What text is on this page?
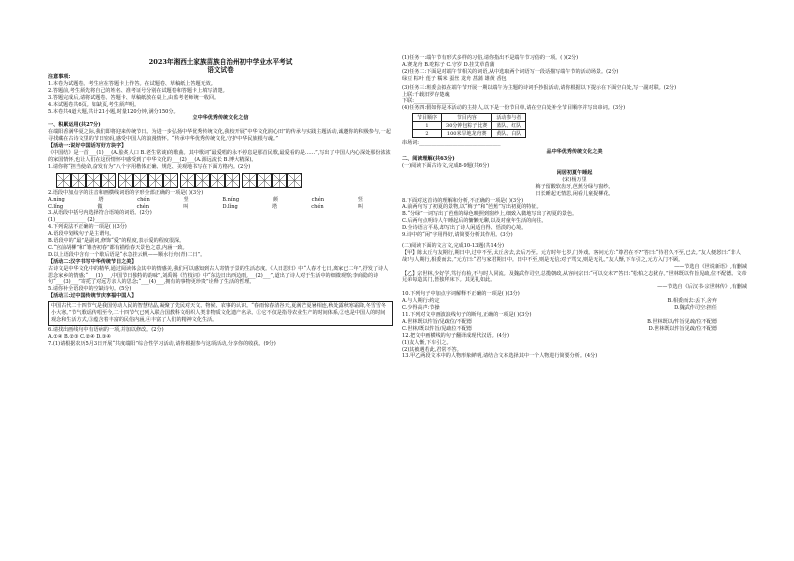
2023年湘西土家族苗族自治州初中学业水平考试

语文试卷

注意事项:

1.本卷为试题卷。考生应在答题卡上作答。在试题卷、草稿纸上答题无效。

2.答题前,考生须先将自己的姓名、准考证号分别在试题卷和答题卡上填写清楚。

3.答题完成后,请将试题卷、答题卡、草稿纸放在桌上,由监考老师统一收回。

4.本试题卷共6页。如缺页,考生须声明。

5.本卷共4道大题,共计21小题,时量120分钟,满分150分。

立中华优秀传统文化之信

一、积累运用(共27分)

在端阳香满华夏之际,我们即将迎来传统节日。为进一步弘扬中华优秀传统文化,我校开展“中华文化润心田”的传承与实践主题活动,诚邀你的积极参与,一起寻找藏在古诗文里的节日密码,感受中国人的浪漫情怀。“传承中华优秀传统文化,守护中华民族根与魂。”

【活动一:说好中国话写好方块字】

《中国结》是一首___(1)___(A.脍炙人口 B.老生常谈)的歌曲。其中歌词“最爱唱的永不停息是那首民歌,最爱看的是……”,写出了中国人内心深处那份浓浓的家国情怀,也让人们在这份情怀中感受到了中华文化的___(2)___(A.源远流长 B.博大精深)。

1.请你将“担当使命,奋发有为”八个字用楷体正确、规范、美观地书写在下面方格内。(2分)

2.语段中加点字的注音和画横线词语的字形全部正确的一项是( )(3分)

A.níng	塔	chén	竖	B.níng	颜	chén	竖
C.lǐng	做	chén	叫	D.lǐng	塔	chén	叫

3.从语段中括号内选择符合语境的词语。(2分)

(1)____________ (2)____________

4.下列说法不正确的一项是( )(3分)

A.语段中划线句子是主谓句。

B.语段中的“最”是副词,修饰“爱”的程度,表示爱的程度很深。

C.“宫前胡柳”和“雏杏初春”都有描绘春天景色之意,内涵一致。

D.以上语段中含有一个歇后语是“水急挂云帆——顺水行舟(青)二日”。

【活动二:汉字书写中华传统节日之美】

古诗文是中华文化中的精华,通过阅读体会其中的情感美,我们可以感知到古人寄情于景的生活态度。《人日思归》中“人春才七日,离家已二年”,抒发了诗人思念家乡的情感;“___(1)___,中国节日独特的韵味”,刘禹锡《竹枝词》中“东边日出西边雨,___(2)___”,道出了诗人对于生活中的细微观察;李商隐的诗句“___(3)___”寄托了对远方亲人的思念;“___(4)___,拥有的事物更珍贵”诠释了生活的哲理。

5.请你补全语段中的空缺诗句。(5分)

【活动三:过中国传统节庆享福中国人】

中国古代二十四节气是我国劳动人民的智慧结晶,凝聚了先民对天文、物候、农事的认识。“春雨惊春清谷天,夏满芒夏暑相连,秋处露秋寒霜降,冬雪雪冬小大寒。”节气歌谣传唱至今,二十四节气已列入联合国教科文组织人类非物质文化遗产名录。①它不仅是指导农业生产的时间体系,②也是中国人的时间观念和生活方式,③蕴含着丰富的民俗内涵,④丰富了人们的精神文化生活。

6.请找出画线句中有语病的一项,并加以修改。(2分)

A.①④ B.②③ C.②④ D.③④

7.(1)请根据农历5月3日开展“共度端阳”综合性学习活动,请你根据参与这项活动,分享你的收获。(9分)

(1)任务一:端午节有形式多样的习俗,请你指出不是端午节习俗的一项。( )(2分)

A.赛龙舟 B.吃粽子 C.守岁 D.挂艾草菖蒲

(2)任务二:下面是对端午节相关的词语,从中选取两个词语写一段话描写端午节的活动场景。(2分)

绿豆 粽叶 莲子 糯米 蚕丝 龙舟 菖蒲 雄黄 香包

(3)任务三:班委会拟在端午节开展一期以端午为主题的诗词手抄报活动,请你根据以下提示在下面空白处,写一副对联。(2分)

上联:千载汨罗存楚魂

下联:________________

(4)任务四:假如你是本活动的主持人,以下是一份节目单,请在空白处补全节目顺序并写出串词。(3分)

节目顺序	节目内容	活动参与者
1	30分钟包粽子比赛	蓝队、红队
2	100米旱地龙舟赛	黄队、白队

串场词:________________________________

品中华优秀传统文化之美

二、阅读理解(共63分)

(一)阅读下面古诗文,完成8-9题(共6分)

闲居初夏午睡起

(宋)杨万里

梅子留酸软齿牙,芭蕉分绿与窗纱。

日长睡起无情思,闲看儿童捉柳花。

8.下面对这首诗的理解和分析,不正确的一项是( )(3分)

A.前两句写了初夏的景物,以“梅子”和“芭蕉”写出初夏的特征。

B.“分绿”一词写出了芭蕉的绿色映照到窗纱上,细致入微地写出了初夏的景色。

C.后两句点明诗人午睡起后的慵懒无聊,以及对童年生活的向往。

D.全诗语言平易,却写出了诗人闲适自得、恬淡的心境。

9.诗中的“闲”字用得好,请简要分析其作用。(3分)

(二)阅读下面的文言文,完成10-13题(共14分)

【甲】陈太丘与友期行,期日中,过中不至,太丘舍去,去后乃至。元方时年七岁,门外戏。客问元方:“尊君在不?”答曰:“待君久不至,已去。”友人便怒曰:“非人哉!与人期行,相委而去。”元方曰:“君与家君期日中。日中不至,则是无信;对子骂父,则是无礼。”友人惭,下车引之,元方入门不顾。

——节选自《世说新语》,有删减

【乙】宗世林,少好学,笃行有检,不与时人同流。及魏武作司空,总揽朝政,从容问宗曰:“可以交未?”答曰:“松柏之志犹存。”世林既以忤旨见疏,位不配德。文帝兄弟每造其门,皆独拜床下。其见礼如此。

——节选自《后汉书·宗世林传》,有删减

10.下列句子中加点字词解释不正确的一项是( )(3分)

A.与人期行:约定	B.相委而去:丢下,舍弃
C.少得高声:节操	D.魏武作司空:担任

11.下列对文中画波浪线句子的断句,正确的一项是( )(3分)

A.世林既以忤旨/见疏位/不配德	B.世林既以/忤旨见疏/位不配德
C.世林/既以忤旨/见疏位不配德	D.世林既以忤旨见疏/位不配德

12.把文中画横线的句子翻译成现代汉语。(4分)

(1)友人惭,下车引之。

(2)其被遇若此,君常不答。

13.甲乙两段文本中的人物形象鲜明,请结合文本选择其中一个人物进行简要分析。(4分)
